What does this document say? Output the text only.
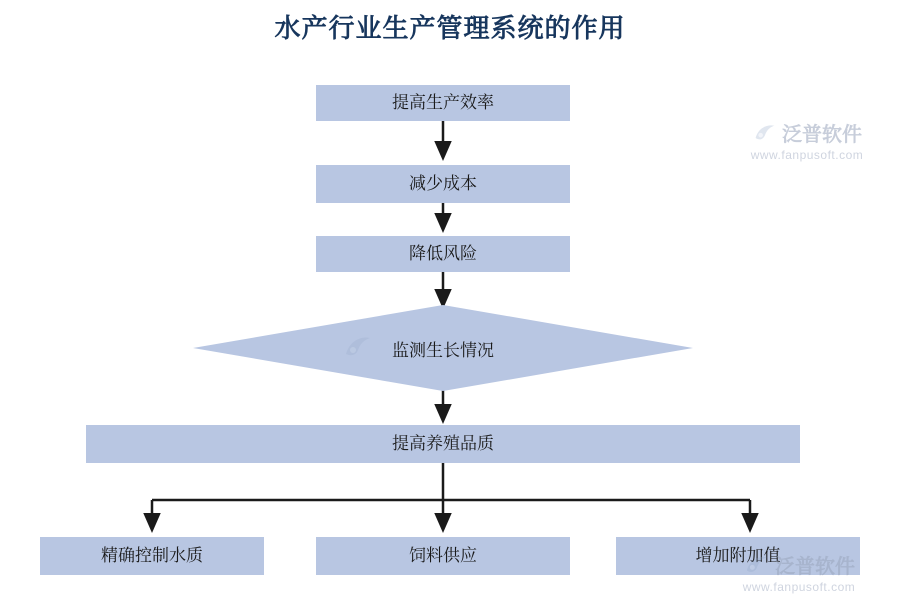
水产行业生产管理系统的作用
提高生产效率
减少成本
降低风险
监测生长情况
提高养殖品质
精确控制水质	饲料供应	增加附加值
泛普软件
www.fanpusoft.com
泛普软件
www.fanpusoft.com
